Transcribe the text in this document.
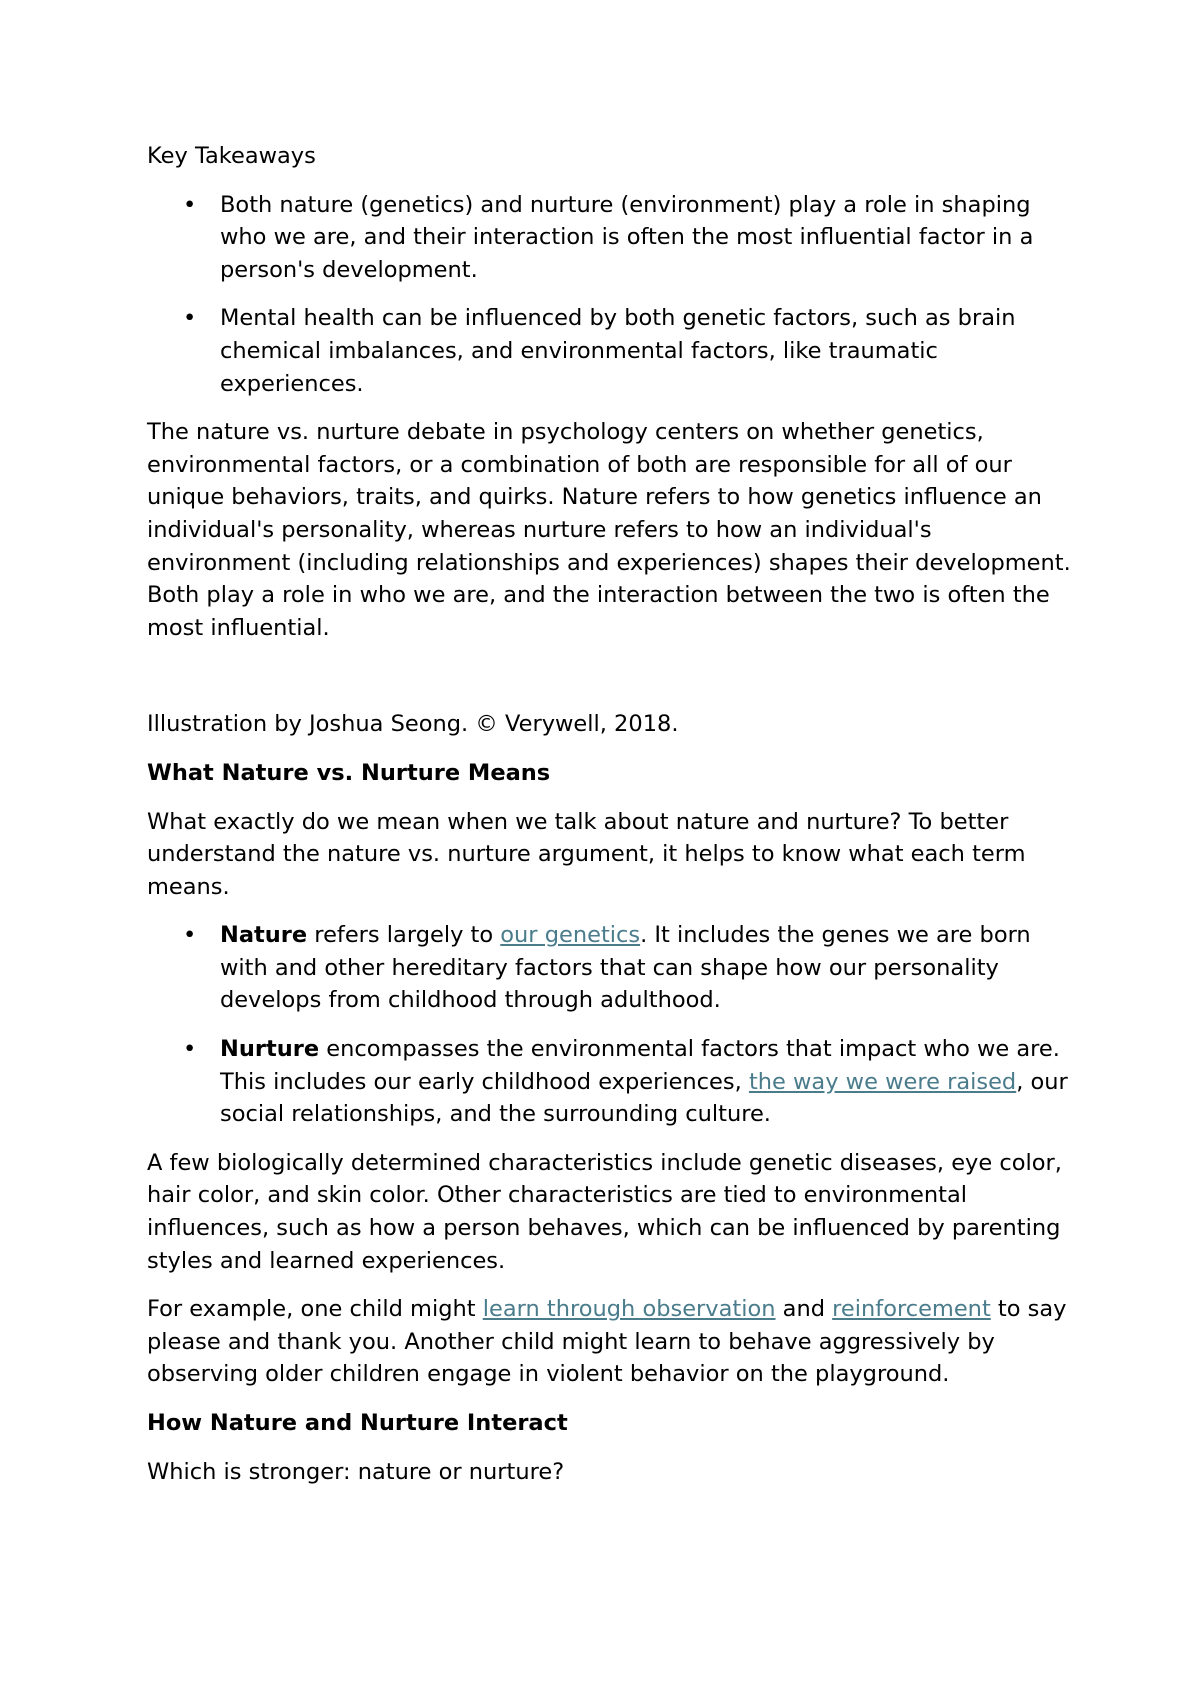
Key Takeaways

• Both nature (genetics) and nurture (environment) play a role in shaping who we are, and their interaction is often the most influential factor in a person's development.
• Mental health can be influenced by both genetic factors, such as brain chemical imbalances, and environmental factors, like traumatic experiences.

The nature vs. nurture debate in psychology centers on whether genetics, environmental factors, or a combination of both are responsible for all of our unique behaviors, traits, and quirks. Nature refers to how genetics influence an individual's personality, whereas nurture refers to how an individual's environment (including relationships and experiences) shapes their development. Both play a role in who we are, and the interaction between the two is often the most influential.

Illustration by Joshua Seong. © Verywell, 2018.

What Nature vs. Nurture Means

What exactly do we mean when we talk about nature and nurture? To better understand the nature vs. nurture argument, it helps to know what each term means.

• Nature refers largely to our genetics. It includes the genes we are born with and other hereditary factors that can shape how our personality develops from childhood through adulthood.
• Nurture encompasses the environmental factors that impact who we are. This includes our early childhood experiences, the way we were raised, our social relationships, and the surrounding culture.

A few biologically determined characteristics include genetic diseases, eye color, hair color, and skin color. Other characteristics are tied to environmental influences, such as how a person behaves, which can be influenced by parenting styles and learned experiences.

For example, one child might learn through observation and reinforcement to say please and thank you. Another child might learn to behave aggressively by observing older children engage in violent behavior on the playground.

How Nature and Nurture Interact

Which is stronger: nature or nurture?
